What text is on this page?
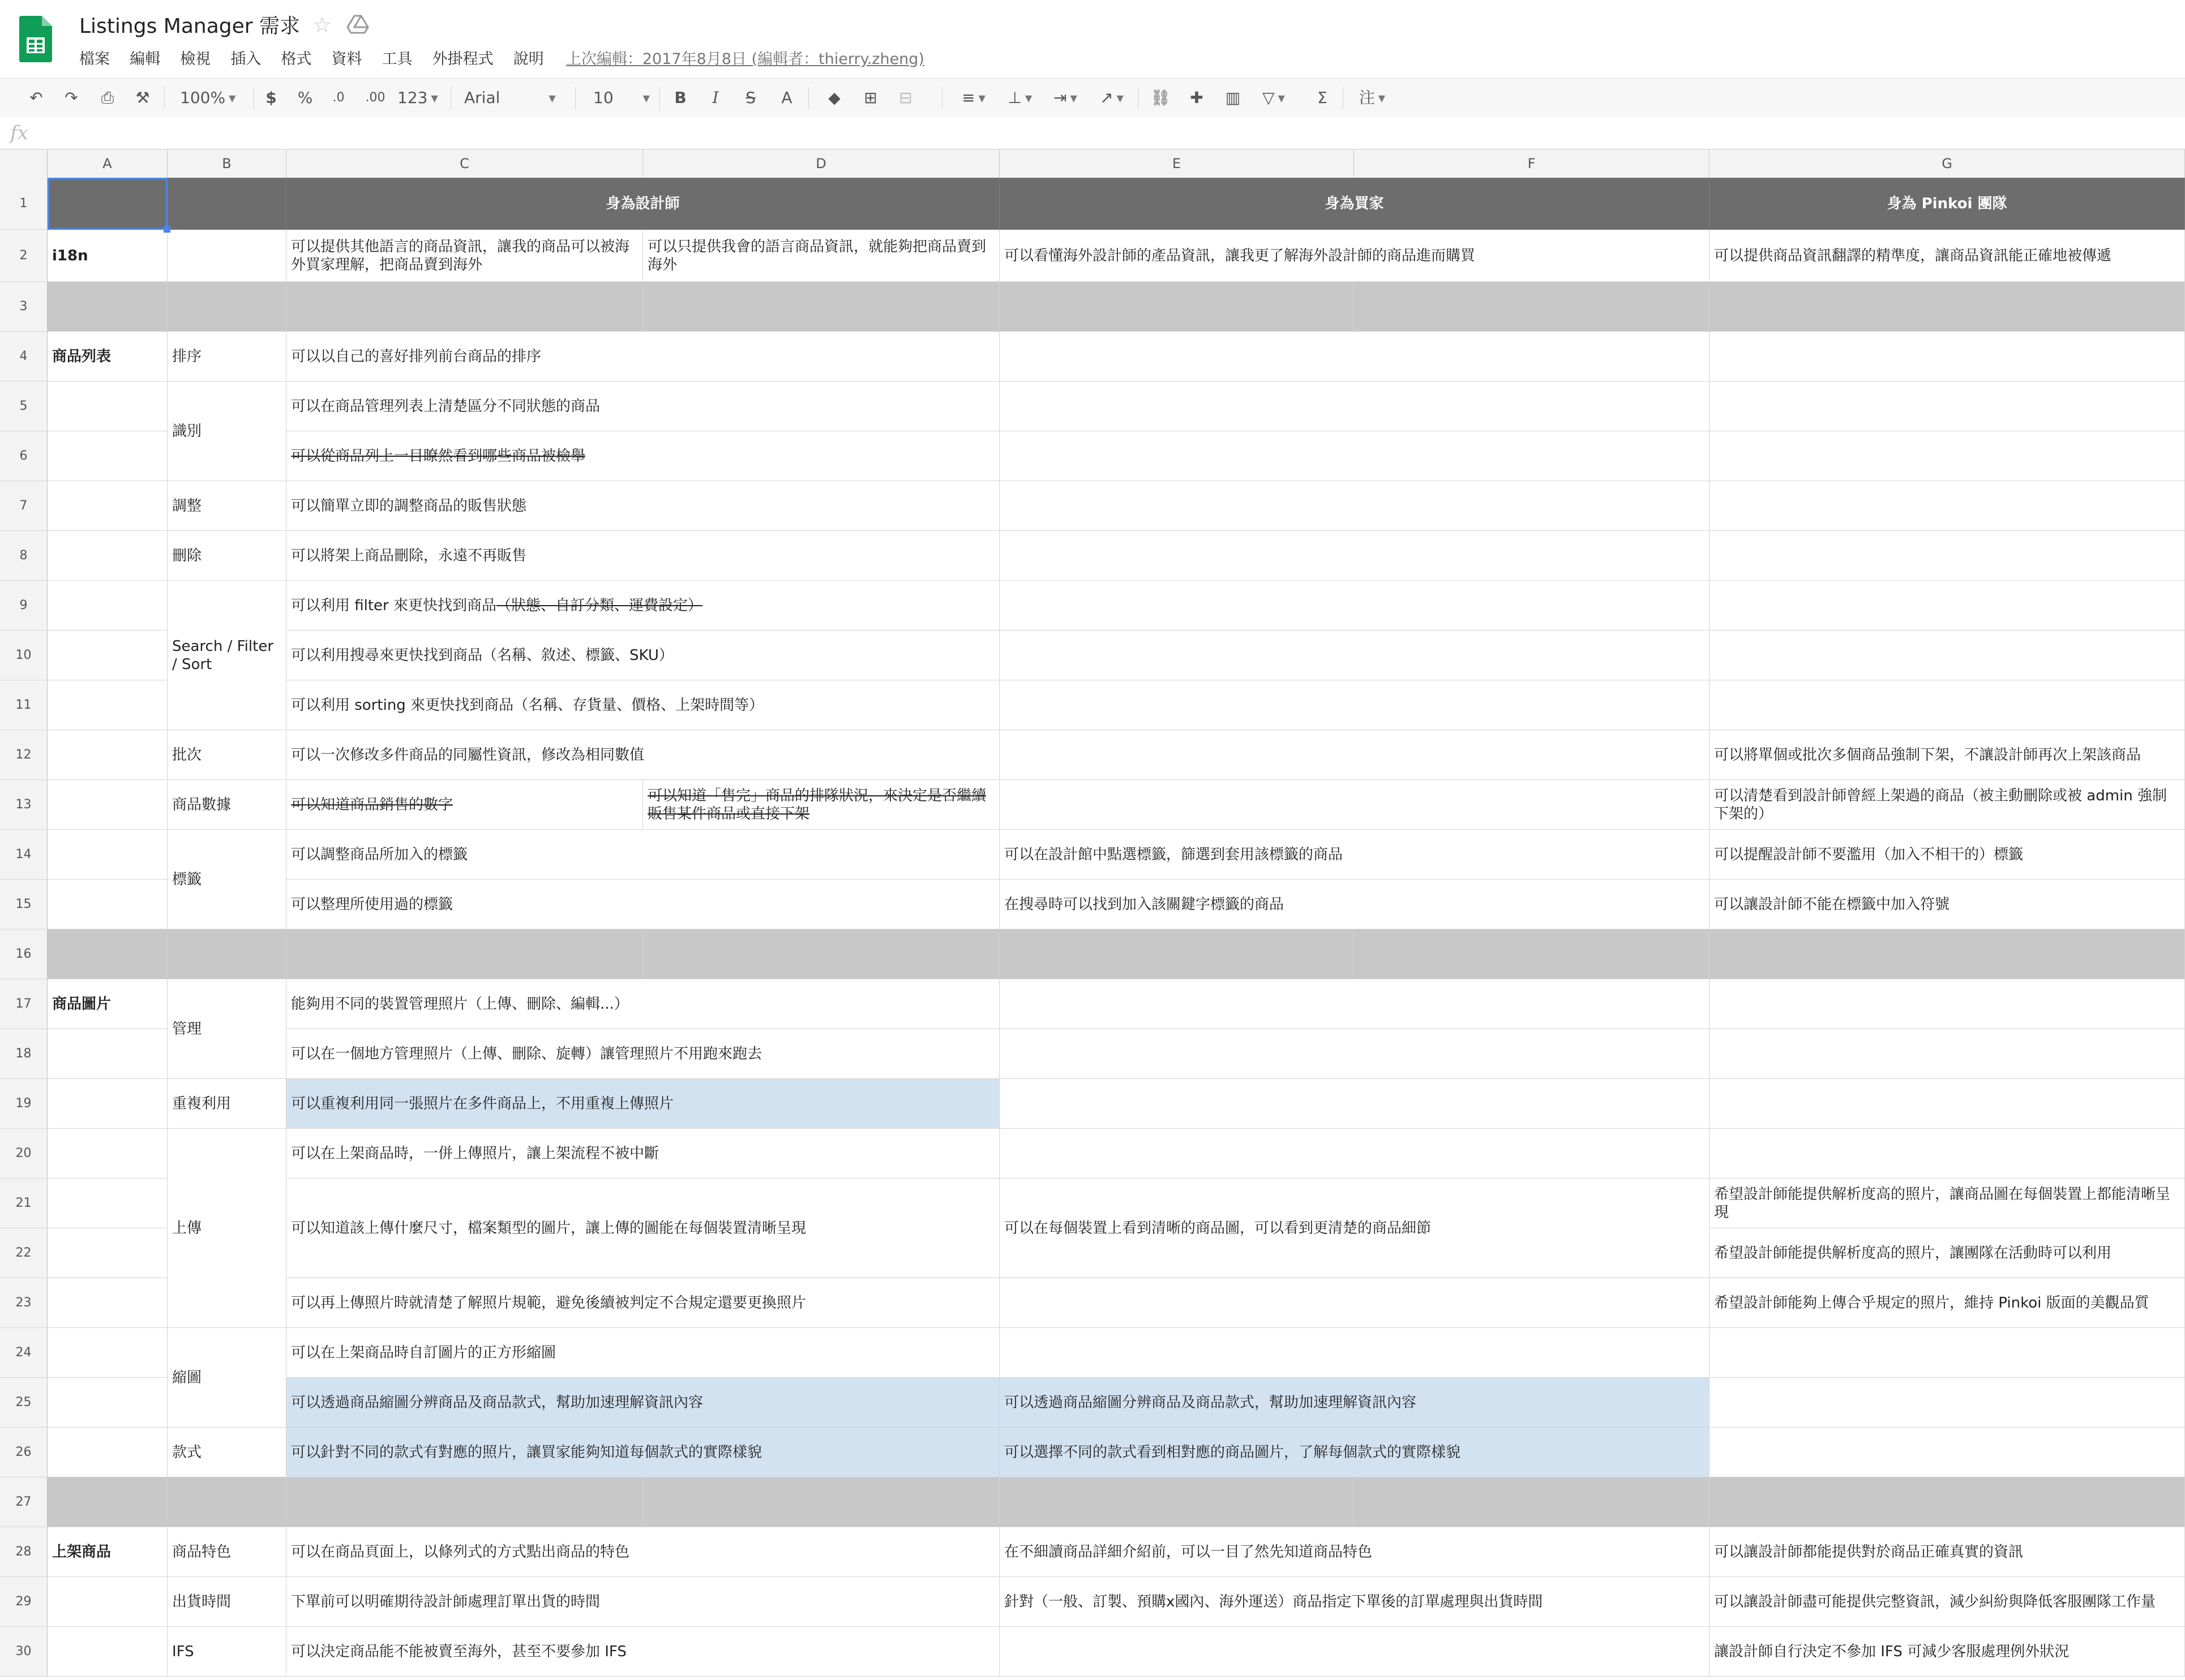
Listings Manager 需求 ☆
檔案 編輯 檢視 插入 格式 資料 工具 外掛程式 說明 上次編輯：2017年8月8日 (編輯者：thierry.zheng)
↶ ↷	⎙	⚒ 100% ▼	$ %	.0	.00 123 ▼ Arial	▼	10	▼ B	I	S	A	◆	⊞ ⊟	≡ ▼	⊥ ▼	⇥ ▼	↗ ▼	⛓ ✚ ▥	▽ ▼	Σ	注 ▼
fx
A	B	C	D	E	F	G
1
2
3
4
5
6
7
8
9
10
11
12
13
14
15
16
17
18
19
20
21
22
23
24
25
26
27
28
29
30
身為設計師	身為買家	身為 Pinkoi 團隊
i18n
可以提供其他語言的商品資訊，讓我的商品可以被海外買家理解，把商品賣到海外
可以只提供我會的語言商品資訊，就能夠把商品賣到海外
可以看懂海外設計師的產品資訊，讓我更了解海外設計師的商品進而購買	可以提供商品資訊翻譯的精準度，讓商品資訊能正確地被傳遞
商品列表	排序
識別
調整
刪除
Search / Filter / Sort
批次
商品數據
標籤
可以以自己的喜好排列前台商品的排序
可以在商品管理列表上清楚區分不同狀態的商品
可以從商品列上一目瞭然看到哪些商品被檢舉
可以簡單立即的調整商品的販售狀態
可以將架上商品刪除，永遠不再販售
可以利用搜尋來更快找到商品（名稱、敘述、標籤、SKU）
可以利用 sorting 來更快找到商品（名稱、存貨量、價格、上架時間等）
可以一次修改多件商品的同屬性資訊，修改為相同數值
可以調整商品所加入的標籤
可以整理所使用過的標籤
可以利用 filter 來更快找到商品 （狀態、自訂分類、運費設定）
可以知道商品銷售的數字
可以知道「售完」商品的排隊狀況，來決定是否繼續販售某件商品或直接下架
可以在設計館中點選標籤，篩選到套用該標籤的商品
在搜尋時可以找到加入該關鍵字標籤的商品
可以將單個或批次多個商品強制下架，不讓設計師再次上架該商品
可以清楚看到設計師曾經上架過的商品（被主動刪除或被 admin 強制下架的）
可以提醒設計師不要濫用（加入不相干的）標籤
可以讓設計師不能在標籤中加入符號
商品圖片
管理
重複利用
上傳
縮圖
款式
能夠用不同的裝置管理照片（上傳、刪除、編輯...）
可以在一個地方管理照片（上傳、刪除、旋轉）讓管理照片不用跑來跑去
可以重複利用同一張照片在多件商品上，不用重複上傳照片
可以在上架商品時，一併上傳照片，讓上架流程不被中斷
可以知道該上傳什麼尺寸，檔案類型的圖片，讓上傳的圖能在每個裝置清晰呈現
可以再上傳照片時就清楚了解照片規範，避免後續被判定不合規定還要更換照片
可以在上架商品時自訂圖片的正方形縮圖
可以透過商品縮圖分辨商品及商品款式，幫助加速理解資訊內容
可以針對不同的款式有對應的照片，讓買家能夠知道每個款式的實際樣貌
可以在每個裝置上看到清晰的商品圖，可以看到更清楚的商品細節
可以透過商品縮圖分辨商品及商品款式，幫助加速理解資訊內容
可以選擇不同的款式看到相對應的商品圖片，了解每個款式的實際樣貌
希望設計師能提供解析度高的照片，讓商品圖在每個裝置上都能清晰呈現
希望設計師能提供解析度高的照片，讓團隊在活動時可以利用
希望設計師能夠上傳合乎規定的照片，維持 Pinkoi 版面的美觀品質
上架商品	商品特色
出貨時間
IFS
可以在商品頁面上，以條列式的方式點出商品的特色
下單前可以明確期待設計師處理訂單出貨的時間
可以決定商品能不能被賣至海外，甚至不要參加 IFS
在不細讀商品詳細介紹前，可以一目了然先知道商品特色
針對（一般、訂製、預購x國內、海外運送）商品指定下單後的訂單處理與出貨時間
可以讓設計師都能提供對於商品正確真實的資訊
可以讓設計師盡可能提供完整資訊，減少糾紛與降低客服團隊工作量
讓設計師自行決定不參加 IFS 可減少客服處理例外狀況
